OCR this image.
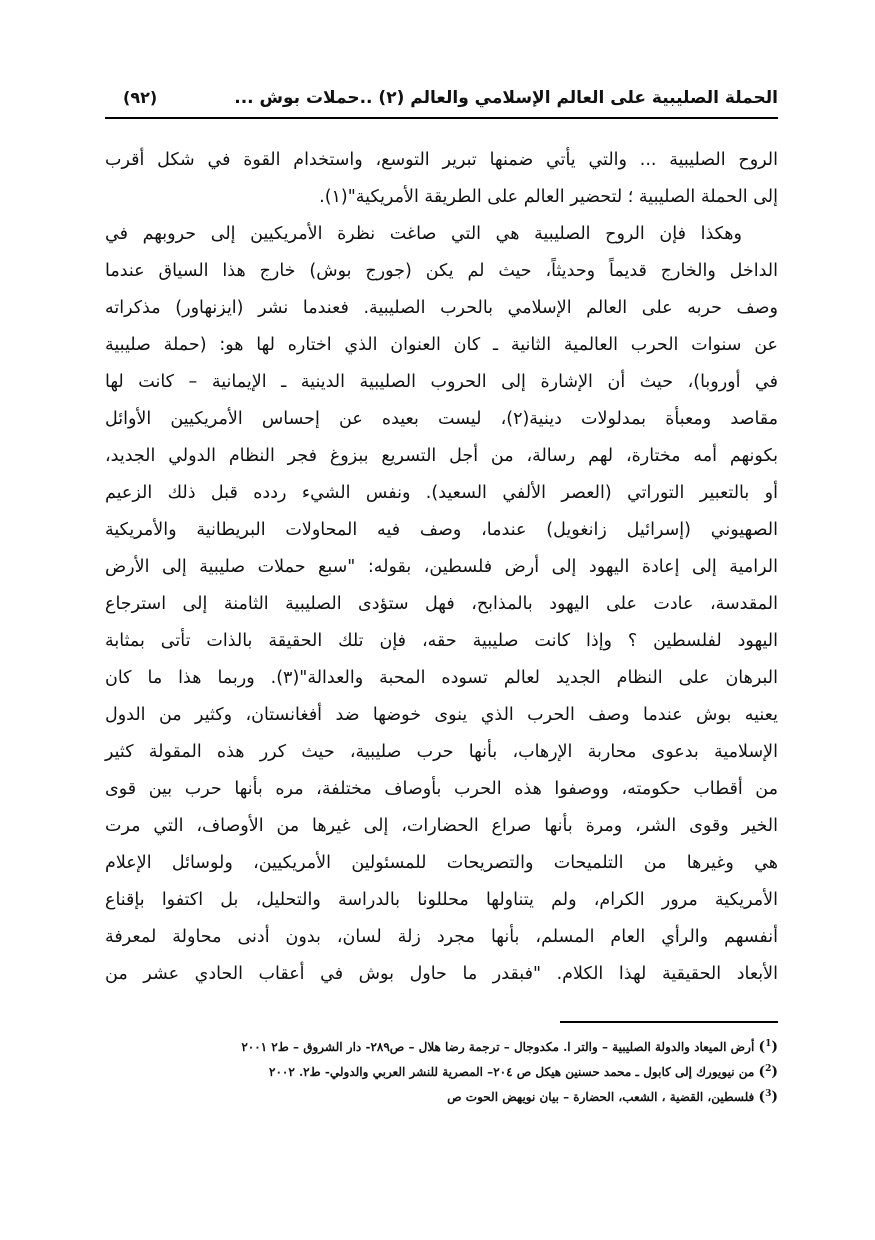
الحملة الصليبية على العالم الإسلامي والعالم (٢) ..حملات بوش ...
(٩٢)
الروح الصليبية ... والتي يأتي ضمنها تبرير التوسع، واستخدام القوة في شكل أقرب
إلى الحملة الصليبية ؛ لتحضير العالم على الطريقة الأمريكية"(١).
وهكذا فإن الروح الصليبية هي التي صاغت نظرة الأمريكيين إلى حروبهم في
الداخل والخارج قديماً وحديثاً، حيث لم يكن (جورج بوش) خارج هذا السياق عندما
وصف حربه على العالم الإسلامي بالحرب الصليبية. فعندما نشر (ايزنهاور) مذكراته
عن سنوات الحرب العالمية الثانية ـ كان العنوان الذي اختاره لها هو: (حملة صليبية
في أوروبا)، حيث أن الإشارة إلى الحروب الصليبية الدينية ـ الإيمانية – كانت لها
مقاصد ومعبأة بمدلولات دينية(٢)، ليست بعيده عن إحساس الأمريكيين الأوائل
بكونهم أمه مختارة، لهم رسالة، من أجل التسريع ببزوغ فجر النظام الدولي الجديد،
أو بالتعبير التوراتي (العصر الألفي السعيد). ونفس الشيء ردده قبل ذلك الزعيم
الصهيوني (إسرائيل زانغويل) عندما، وصف فيه المحاولات البريطانية والأمريكية
الرامية إلى إعادة اليهود إلى أرض فلسطين، بقوله: "سبع حملات صليبية إلى الأرض
المقدسة، عادت على اليهود بالمذابح، فهل ستؤدى الصليبية الثامنة إلى استرجاع
اليهود لفلسطين ؟ وإذا كانت صليبية حقه، فإن تلك الحقيقة بالذات تأتى بمثابة
البرهان على النظام الجديد لعالم تسوده المحبة والعدالة"(٣). وربما هذا ما كان
يعنيه بوش عندما وصف الحرب الذي ينوى خوضها ضد أفغانستان، وكثير من الدول
الإسلامية بدعوى محاربة الإرهاب، بأنها حرب صليبية، حيث كرر هذه المقولة كثير
من أقطاب حكومته، ووصفوا هذه الحرب بأوصاف مختلفة، مره بأنها حرب بين قوى
الخير وقوى الشر، ومرة بأنها صراع الحضارات، إلى غيرها من الأوصاف، التي مرت
هي وغيرها من التلميحات والتصريحات للمسئولين الأمريكيين، ولوسائل الإعلام
الأمريكية مرور الكرام، ولم يتناولها محللونا بالدراسة والتحليل، بل اكتفوا بإقناع
أنفسهم والرأي العام المسلم، بأنها مجرد زلة لسان، بدون أدنى محاولة لمعرفة
الأبعاد الحقيقية لهذا الكلام. "فبقدر ما حاول بوش في أعقاب الحادي عشر من
($^1$) أرض الميعاد والدولة الصليبية – والتر ا. مكدوجال – ترجمة رضا هلال – ص٢٨٩- دار الشروق – ط٢ ٢٠٠١
($^2$) من نيويورك إلى كابول ـ محمد حسنين هيكل ص ٢٠٤– المصرية للنشر العربي والدولي- ط٢. ٢٠٠٢
($^3$) فلسطين، القضية ، الشعب، الحضارة – بيان نويهض الحوت ص
